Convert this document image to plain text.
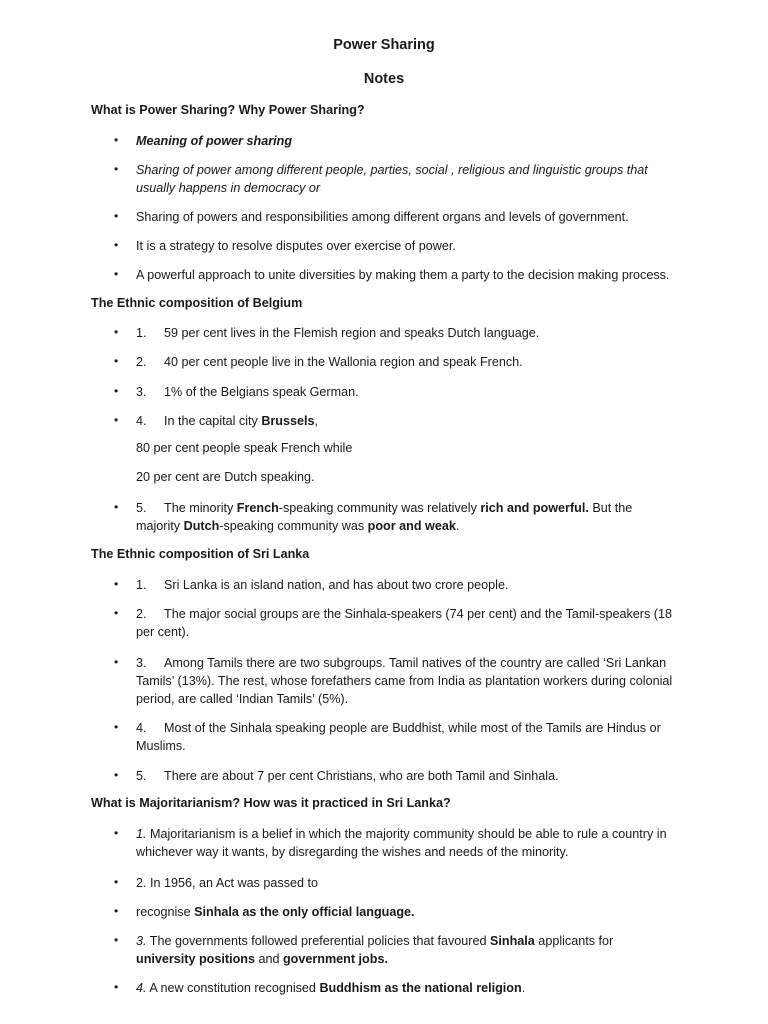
Power Sharing
Notes
What is Power Sharing? Why Power Sharing?
• Meaning of power sharing
• Sharing of power among different people, parties, social , religious and linguistic groups that usually happens in democracy or
• Sharing of powers and responsibilities among different organs and levels of government.
• It is a strategy to resolve disputes over exercise of power.
• A powerful approach to unite diversities by making them a party to the decision making process.
The Ethnic composition of Belgium
• 1. 59 per cent lives in the Flemish region and speaks Dutch language.
• 2. 40 per cent people live in the Wallonia region and speak French.
• 3. 1% of the Belgians speak German.
• 4. In the capital city Brussels,
80 per cent people speak French while
20 per cent are Dutch speaking.
• 5. The minority French-speaking community was relatively rich and powerful. But the majority Dutch-speaking community was poor and weak.
The Ethnic composition of Sri Lanka
• 1. Sri Lanka is an island nation, and has about two crore people.
• 2. The major social groups are the Sinhala-speakers (74 per cent) and the Tamil-speakers (18 per cent).
• 3. Among Tamils there are two subgroups. Tamil natives of the country are called ‘Sri Lankan Tamils’ (13%). The rest, whose forefathers came from India as plantation workers during colonial period, are called ‘Indian Tamils’ (5%).
• 4. Most of the Sinhala speaking people are Buddhist, while most of the Tamils are Hindus or Muslims.
• 5. There are about 7 per cent Christians, who are both Tamil and Sinhala.
What is Majoritarianism? How was it practiced in Sri Lanka?
• 1. Majoritarianism is a belief in which the majority community should be able to rule a country in whichever way it wants, by disregarding the wishes and needs of the minority.
• 2. In 1956, an Act was passed to
• recognise Sinhala as the only official language.
• 3. The governments followed preferential policies that favoured Sinhala applicants for university positions and government jobs.
• 4. A new constitution recognised Buddhism as the national religion.
